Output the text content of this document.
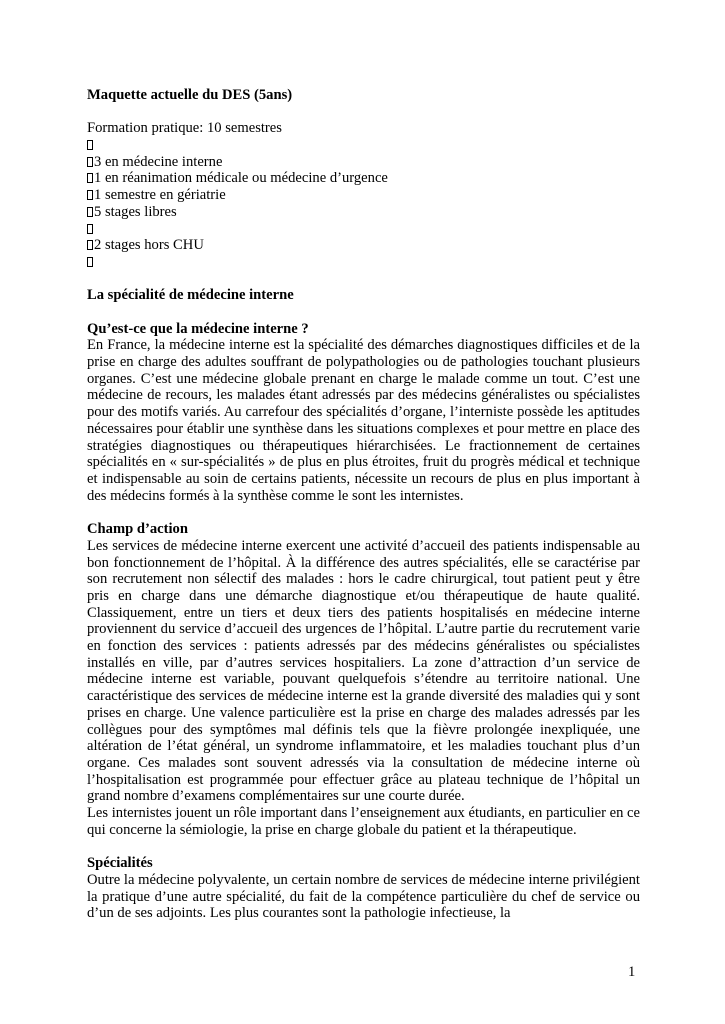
Maquette actuelle du DES (5ans)

Formation pratique: 10 semestres

3 en médecine interne
1 en réanimation médicale ou médecine d’urgence
1 semestre en gériatrie
5 stages libres
2 stages hors CHU

La spécialité de médecine interne

Qu’est-ce que la médecine interne ?

En France, la médecine interne est la spécialité des démarches diagnostiques difficiles et de la prise en charge des adultes souffrant de polypathologies ou de pathologies touchant plusieurs organes. C’est une médecine globale prenant en charge le malade comme un tout. C’est une médecine de recours, les malades étant adressés par des médecins généralistes ou spécialistes pour des motifs variés. Au carrefour des spécialités d’organe, l’interniste possède les aptitudes nécessaires pour établir une synthèse dans les situations complexes et pour mettre en place des stratégies diagnostiques ou thérapeutiques hiérarchisées. Le fractionnement de certaines spécialités en « sur-spécialités » de plus en plus étroites, fruit du progrès médical et technique et indispensable au soin de certains patients, nécessite un recours de plus en plus important à des médecins formés à la synthèse comme le sont les internistes.

Champ d’action

Les services de médecine interne exercent une activité d’accueil des patients indispensable au bon fonctionnement de l’hôpital. À la différence des autres spécialités, elle se caractérise par son recrutement non sélectif des malades : hors le cadre chirurgical, tout patient peut y être pris en charge dans une démarche diagnostique et/ou thérapeutique de haute qualité. Classiquement, entre un tiers et deux tiers des patients hospitalisés en médecine interne proviennent du service d’accueil des urgences de l’hôpital. L’autre partie du recrutement varie en fonction des services : patients adressés par des médecins généralistes ou spécialistes installés en ville, par d’autres services hospitaliers. La zone d’attraction d’un service de médecine interne est variable, pouvant quelquefois s’étendre au territoire national. Une caractéristique des services de médecine interne est la grande diversité des maladies qui y sont prises en charge. Une valence particulière est la prise en charge des malades adressés par les collègues pour des symptômes mal définis tels que la fièvre prolongée inexpliquée, une altération de l’état général, un syndrome inflammatoire, et les maladies touchant plus d’un organe. Ces malades sont souvent adressés via la consultation de médecine interne où l’hospitalisation est programmée pour effectuer grâce au plateau technique de l’hôpital un grand nombre d’examens complémentaires sur une courte durée.

Les internistes jouent un rôle important dans l’enseignement aux étudiants, en particulier en ce qui concerne la sémiologie, la prise en charge globale du patient et la thérapeutique.

Spécialités

Outre la médecine polyvalente, un certain nombre de services de médecine interne privilégient la pratique d’une autre spécialité, du fait de la compétence particulière du chef de service ou d’un de ses adjoints. Les plus courantes sont la pathologie infectieuse, la

1
